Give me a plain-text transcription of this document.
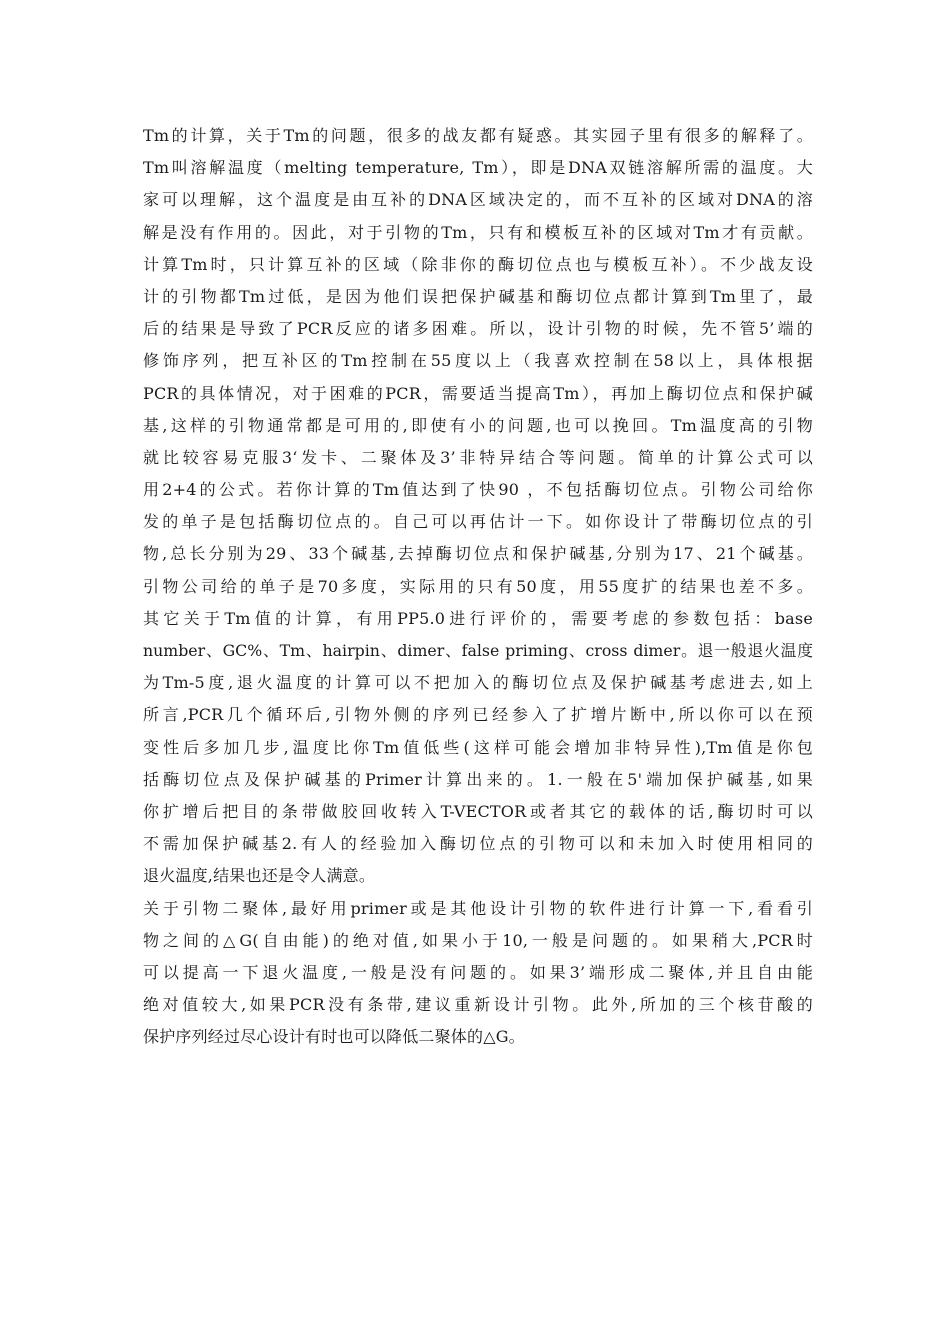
Tm的计算，关于Tm的问题，很多的战友都有疑惑。其实园子里有很多的解释了。
Tm叫溶解温度（melting temperature, Tm），即是DNA双链溶解所需的温度。大
家可以理解，这个温度是由互补的DNA区域决定的，而不互补的区域对DNA的溶
解是没有作用的。因此，对于引物的Tm，只有和模板互补的区域对Tm才有贡献。
计算Tm时，只计算互补的区域（除非你的酶切位点也与模板互补）。不少战友设
计的引物都Tm过低，是因为他们误把保护碱基和酶切位点都计算到Tm里了，最
后的结果是导致了PCR反应的诸多困难。所以，设计引物的时候，先不管5’端的
修饰序列，把互补区的Tm控制在55度以上（我喜欢控制在58以上，具体根据
PCR的具体情况，对于困难的PCR，需要适当提高Tm），再加上酶切位点和保护碱
基,这样的引物通常都是可用的,即使有小的问题,也可以挽回。Tm温度高的引物
就比较容易克服3‘发卡、二聚体及3’非特异结合等问题。简单的计算公式可以
用2+4的公式。若你计算的Tm值达到了快90 ，不包括酶切位点。引物公司给你
发的单子是包括酶切位点的。自己可以再估计一下。如你设计了带酶切位点的引
物,总长分别为29、33个碱基,去掉酶切位点和保护碱基,分别为17、21个碱基。
引物公司给的单子是70多度，实际用的只有50度，用55度扩的结果也差不多。
其它关于Tm值的计算，有用PP5.0进行评价的，需要考虑的参数包括：base
number、GC%、Tm、hairpin、dimer、false priming、cross dimer。退一般退火温度
为Tm-5度,退火温度的计算可以不把加入的酶切位点及保护碱基考虑进去,如上
所言,PCR几个循环后,引物外侧的序列已经参入了扩增片断中,所以你可以在预
变性后多加几步,温度比你Tm值低些(这样可能会增加非特异性),Tm值是你包
括酶切位点及保护碱基的Primer计算出来的。1.一般在5'端加保护碱基,如果
你扩增后把目的条带做胶回收转入T-VECTOR或者其它的载体的话,酶切时可以
不需加保护碱基2.有人的经验加入酶切位点的引物可以和未加入时使用相同的
退火温度,结果也还是令人满意。
关于引物二聚体,最好用primer或是其他设计引物的软件进行计算一下,看看引
物之间的△G(自由能)的绝对值,如果小于10,一般是问题的。如果稍大,PCR时
可以提高一下退火温度,一般是没有问题的。如果3’端形成二聚体,并且自由能
绝对值较大,如果PCR没有条带,建议重新设计引物。此外,所加的三个核苷酸的
保护序列经过尽心设计有时也可以降低二聚体的△G。
